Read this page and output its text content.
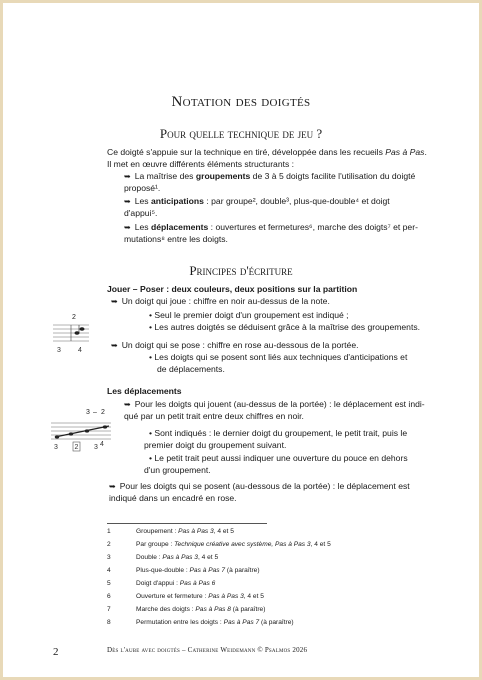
Notation des doigtés
Pour quelle technique de jeu ?
Ce doigté s'appuie sur la technique en tiré, développée dans les recueils Pas à Pas.
Il met en œuvre différents éléments structurants :
➥ La maîtrise des groupements de 3 à 5 doigts facilite l'utilisation du doigté
proposé¹.
➥ Les anticipations : par groupe², double³, plus-que-double⁴ et doigt
d'appui⁵.
➥ Les déplacements : ouvertures et fermetures⁶, marche des doigts⁷ et per-
mutations⁸ entre les doigts.
Principes d'écriture
Jouer – Poser : deux couleurs, deux positions sur la partition
➥ Un doigt qui joue : chiffre en noir au-dessus de la note.
• Seul le premier doigt d'un groupement est indiqué ;
• Les autres doigtés se déduisent grâce à la maîtrise des groupements.
2
3 4
➥ Un doigt qui se pose : chiffre en rose au-dessous de la portée.
• Les doigts qui se posent sont liés aux techniques d'anticipations et
de déplacements.
Les déplacements
3 – 2
3 2 3 4
➥ Pour les doigts qui jouent (au-dessus de la portée) : le déplacement est indi-
qué par un petit trait entre deux chiffres en noir.
• Sont indiqués : le dernier doigt du groupement, le petit trait, puis le
premier doigt du groupement suivant.
• Le petit trait peut aussi indiquer une ouverture du pouce en dehors
d'un groupement.
➥ Pour les doigts qui se posent (au-dessous de la portée) : le déplacement est
indiqué dans un encadré en rose.
1	Groupement : Pas à Pas 3, 4 et 5
2	Par groupe : Technique créative avec système, Pas à Pas 3, 4 et 5
3	Double : Pas à Pas 3, 4 et 5
4	Plus-que-double : Pas à Pas 7 (à paraître)
5	Doigt d'appui : Pas à Pas 6
6	Ouverture et fermeture : Pas à Pas 3, 4 et 5
7	Marche des doigts : Pas à Pas 8 (à paraître)
8	Permutation entre les doigts : Pas à Pas 7 (à paraître)
2	Dès l'aube avec doigtés – Catherine Weidemann © Psalmos 2026
